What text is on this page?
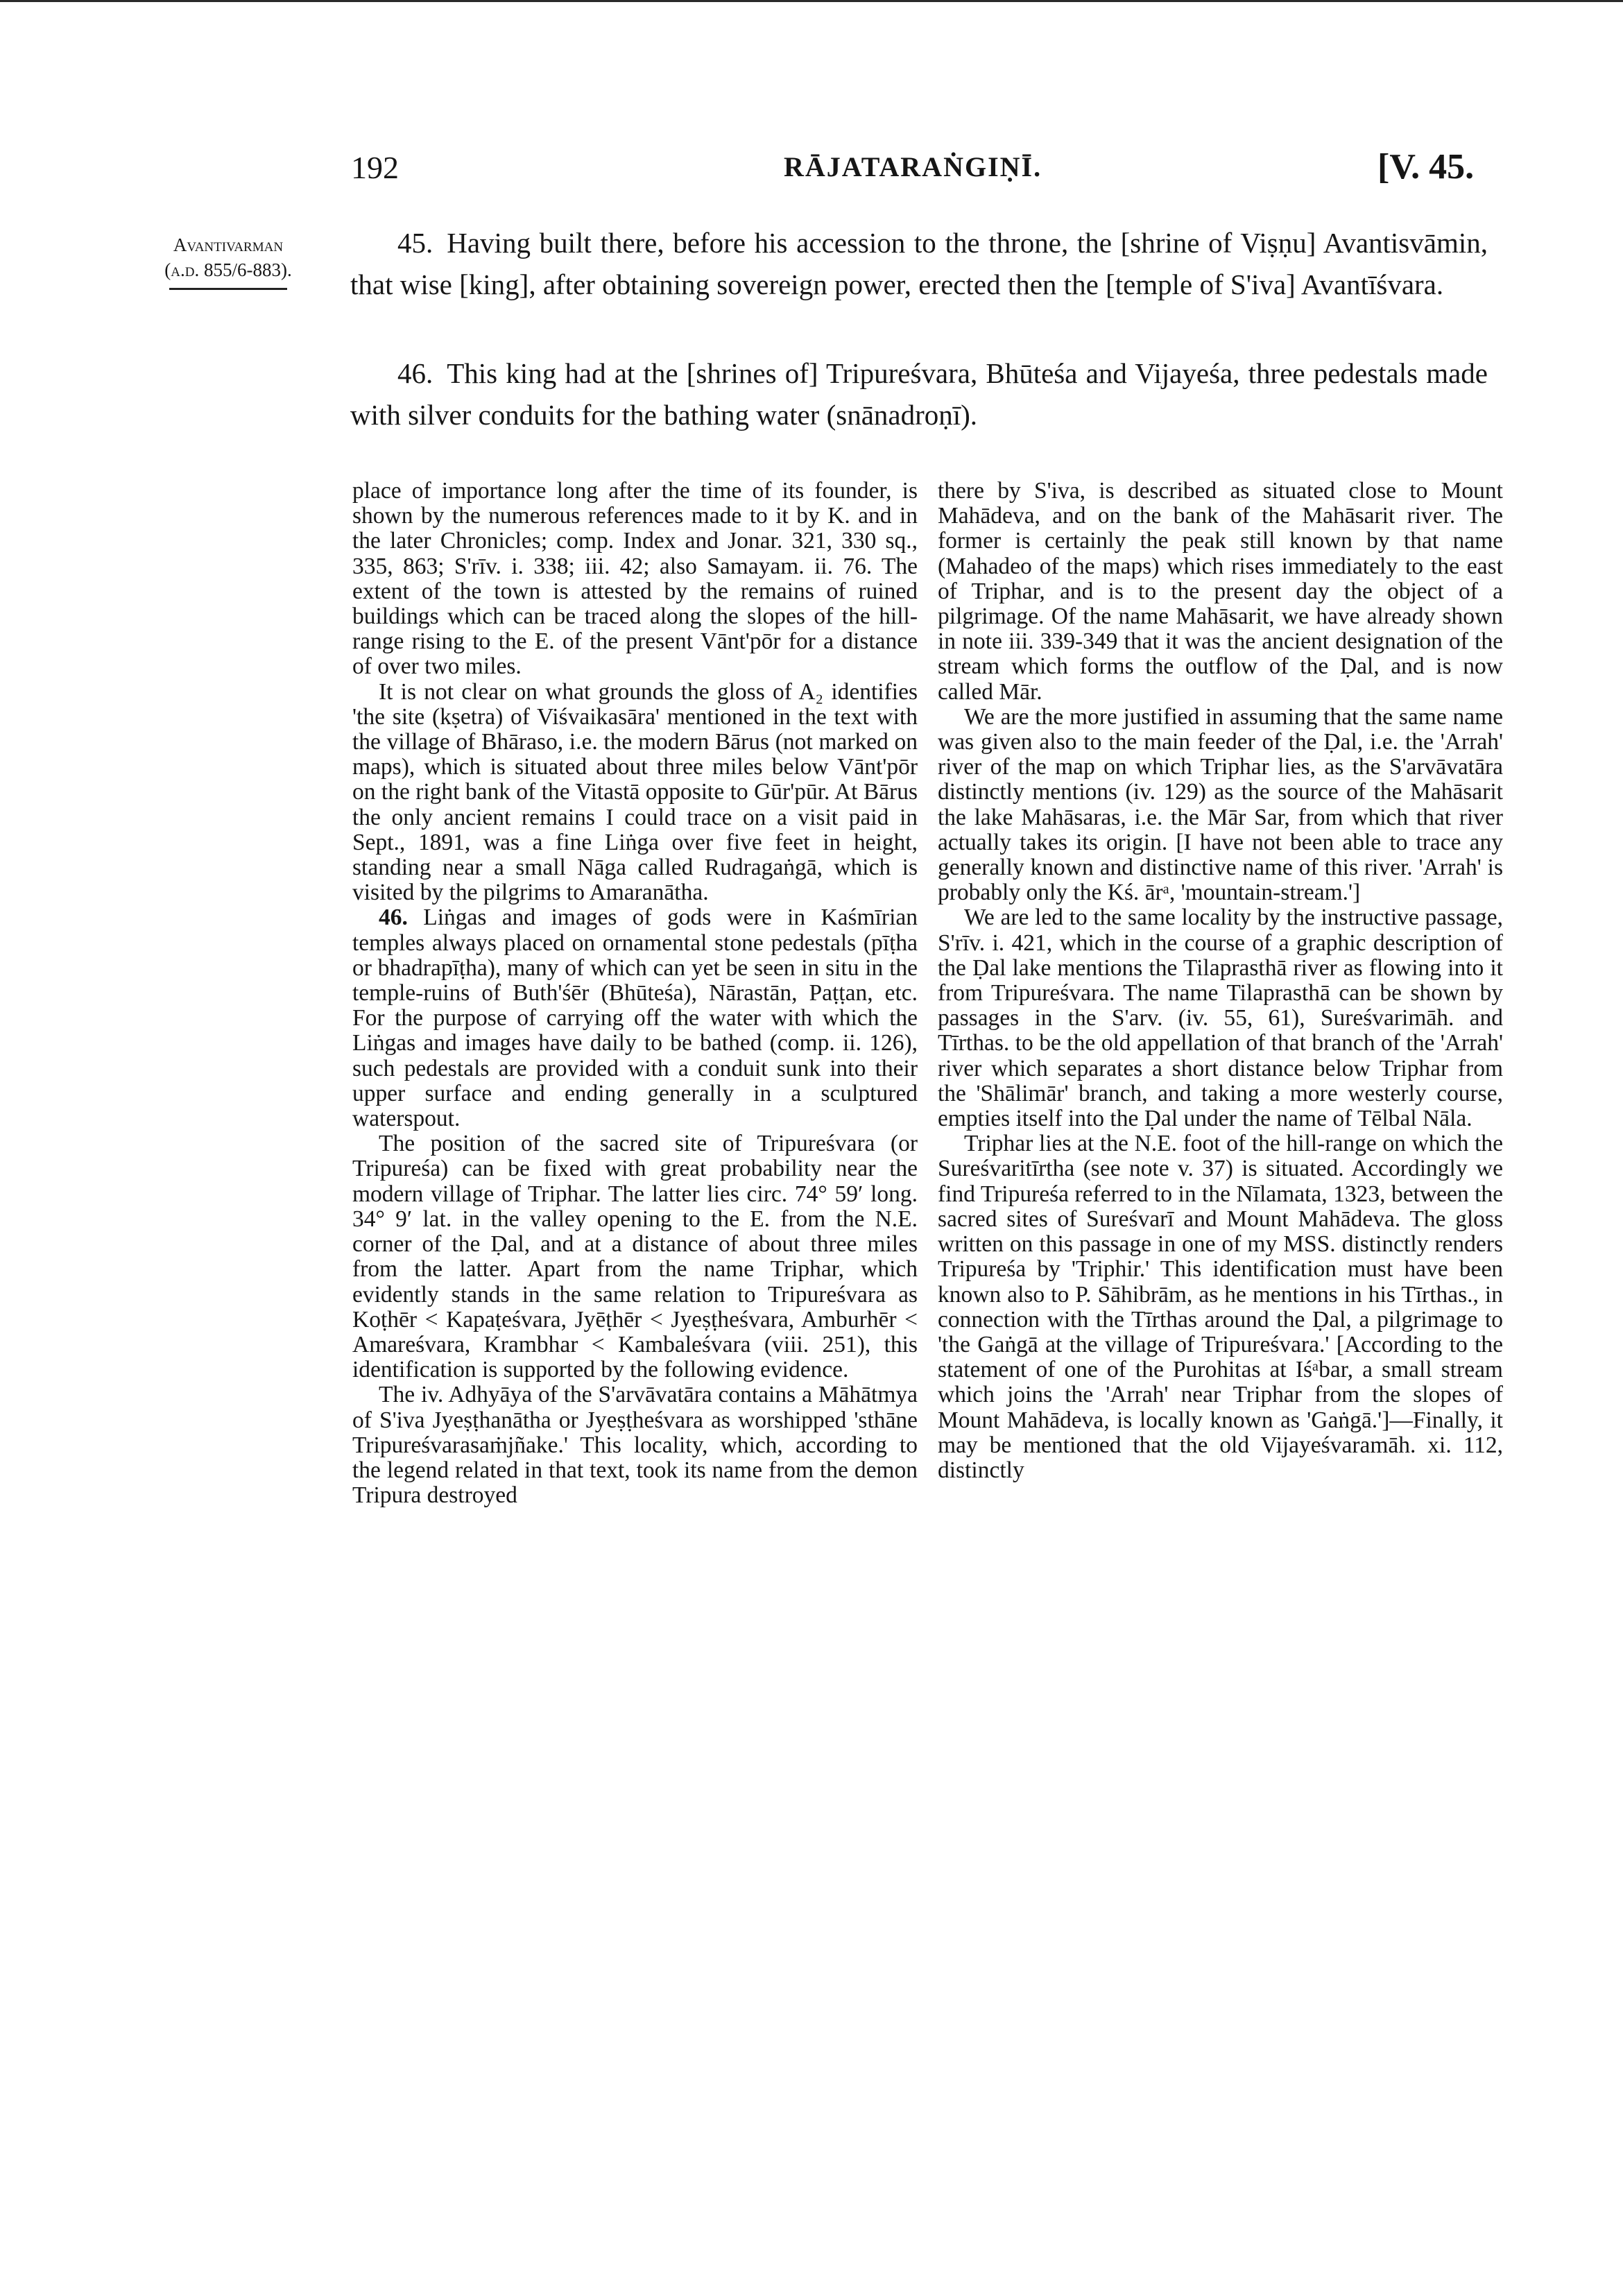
192	RĀJATARAṄGIṆĪ.	[V. 45.
Avantivarman
(a.d. 855/6-883).
45. Having built there, before his accession to the throne, the [shrine of Viṣṇu] Avantisvāmin, that wise [king], after obtaining sovereign power, erected then the [temple of S'iva] Avantīśvara.
46. This king had at the [shrines of] Tripureśvara, Bhūteśa and Vijayeśa, three pedestals made with silver conduits for the bathing water (snānadroṇī).

place of importance long after the time of its founder, is shown by the numerous references made to it by K. and in the later Chronicles; comp. Index and Jonar. 321, 330 sq., 335, 863; S'rīv. i. 338; iii. 42; also Samayam. ii. 76. The extent of the town is attested by the remains of ruined buildings which can be traced along the slopes of the hill-range rising to the E. of the present Vānt'pōr for a distance of over two miles.

It is not clear on what grounds the gloss of A₂ identifies 'the site (kṣetra) of Viśvaikasāra' mentioned in the text with the village of Bhāraso, i.e. the modern Bārus (not marked on maps), which is situated about three miles below Vānt'pōr on the right bank of the Vitastā opposite to Gūr'pūr. At Bārus the only ancient remains I could trace on a visit paid in Sept., 1891, was a fine Liṅga over five feet in height, standing near a small Nāga called Rudragaṅgā, which is visited by the pilgrims to Amaranātha.

46. Liṅgas and images of gods were in Kaśmīrian temples always placed on ornamental stone pedestals (pīṭha or bhadrapīṭha), many of which can yet be seen in situ in the temple-ruins of Buth'śēr (Bhūteśa), Nārastān, Paṭṭan, etc. For the purpose of carrying off the water with which the Liṅgas and images have daily to be bathed (comp. ii. 126), such pedestals are provided with a conduit sunk into their upper surface and ending generally in a sculptured waterspout.

The position of the sacred site of Tripureśvara (or Tripureśa) can be fixed with great probability near the modern village of Triphar. The latter lies circ. 74° 59′ long. 34° 9′ lat. in the valley opening to the E. from the N.E. corner of the Ḍal, and at a distance of about three miles from the latter. Apart from the name Triphar, which evidently stands in the same relation to Tripureśvara as Koṭhēr < Kapaṭeśvara, Jyēṭhēr < Jyeṣṭheśvara, Amburhēr < Amareśvara, Krambhar < Kambaleśvara (viii. 251), this identification is supported by the following evidence.

The iv. Adhyāya of the S'arvāvatāra contains a Māhātmya of S'iva Jyeṣṭhanātha or Jyeṣṭheśvara as worshipped 'sthāne Tripureśvarasaṁjñake.' This locality, which, according to the legend related in that text, took its name from the demon Tripura destroyed

there by S'iva, is described as situated close to Mount Mahādeva, and on the bank of the Mahāsarit river. The former is certainly the peak still known by that name (Mahadeo of the maps) which rises immediately to the east of Triphar, and is to the present day the object of a pilgrimage. Of the name Mahāsarit, we have already shown in note iii. 339-349 that it was the ancient designation of the stream which forms the outflow of the Ḍal, and is now called Mār.

We are the more justified in assuming that the same name was given also to the main feeder of the Ḍal, i.e. the 'Arrah' river of the map on which Triphar lies, as the S'arvāvatāra distinctly mentions (iv. 129) as the source of the Mahāsarit the lake Mahāsaras, i.e. the Mār Sar, from which that river actually takes its origin. [I have not been able to trace any generally known and distinctive name of this river. 'Arrah' is probably only the Kś. ārᵃ, 'mountain-stream.']

We are led to the same locality by the instructive passage, S'rīv. i. 421, which in the course of a graphic description of the Ḍal lake mentions the Tilaprasthā river as flowing into it from Tripureśvara. The name Tilaprasthā can be shown by passages in the S'arv. (iv. 55, 61), Sureśvarimāh. and Tīrthas. to be the old appellation of that branch of the 'Arrah' river which separates a short distance below Triphar from the 'Shālimār' branch, and taking a more westerly course, empties itself into the Ḍal under the name of Tēlbal Nāla.

Triphar lies at the N.E. foot of the hill-range on which the Sureśvaritīrtha (see note v. 37) is situated. Accordingly we find Tripureśa referred to in the Nīlamata, 1323, between the sacred sites of Sureśvarī and Mount Mahādeva. The gloss written on this passage in one of my MSS. distinctly renders Tripureśa by 'Triphir.' This identification must have been known also to P. Sāhibrām, as he mentions in his Tīrthas., in connection with the Tīrthas around the Ḍal, a pilgrimage to 'the Gaṅgā at the village of Tripureśvara.' [According to the statement of one of the Purohitas at Iśᵃbar, a small stream which joins the 'Arrah' near Triphar from the slopes of Mount Mahādeva, is locally known as 'Gaṅgā.']—Finally, it may be mentioned that the old Vijayeśvaramāh. xi. 112, distinctly
